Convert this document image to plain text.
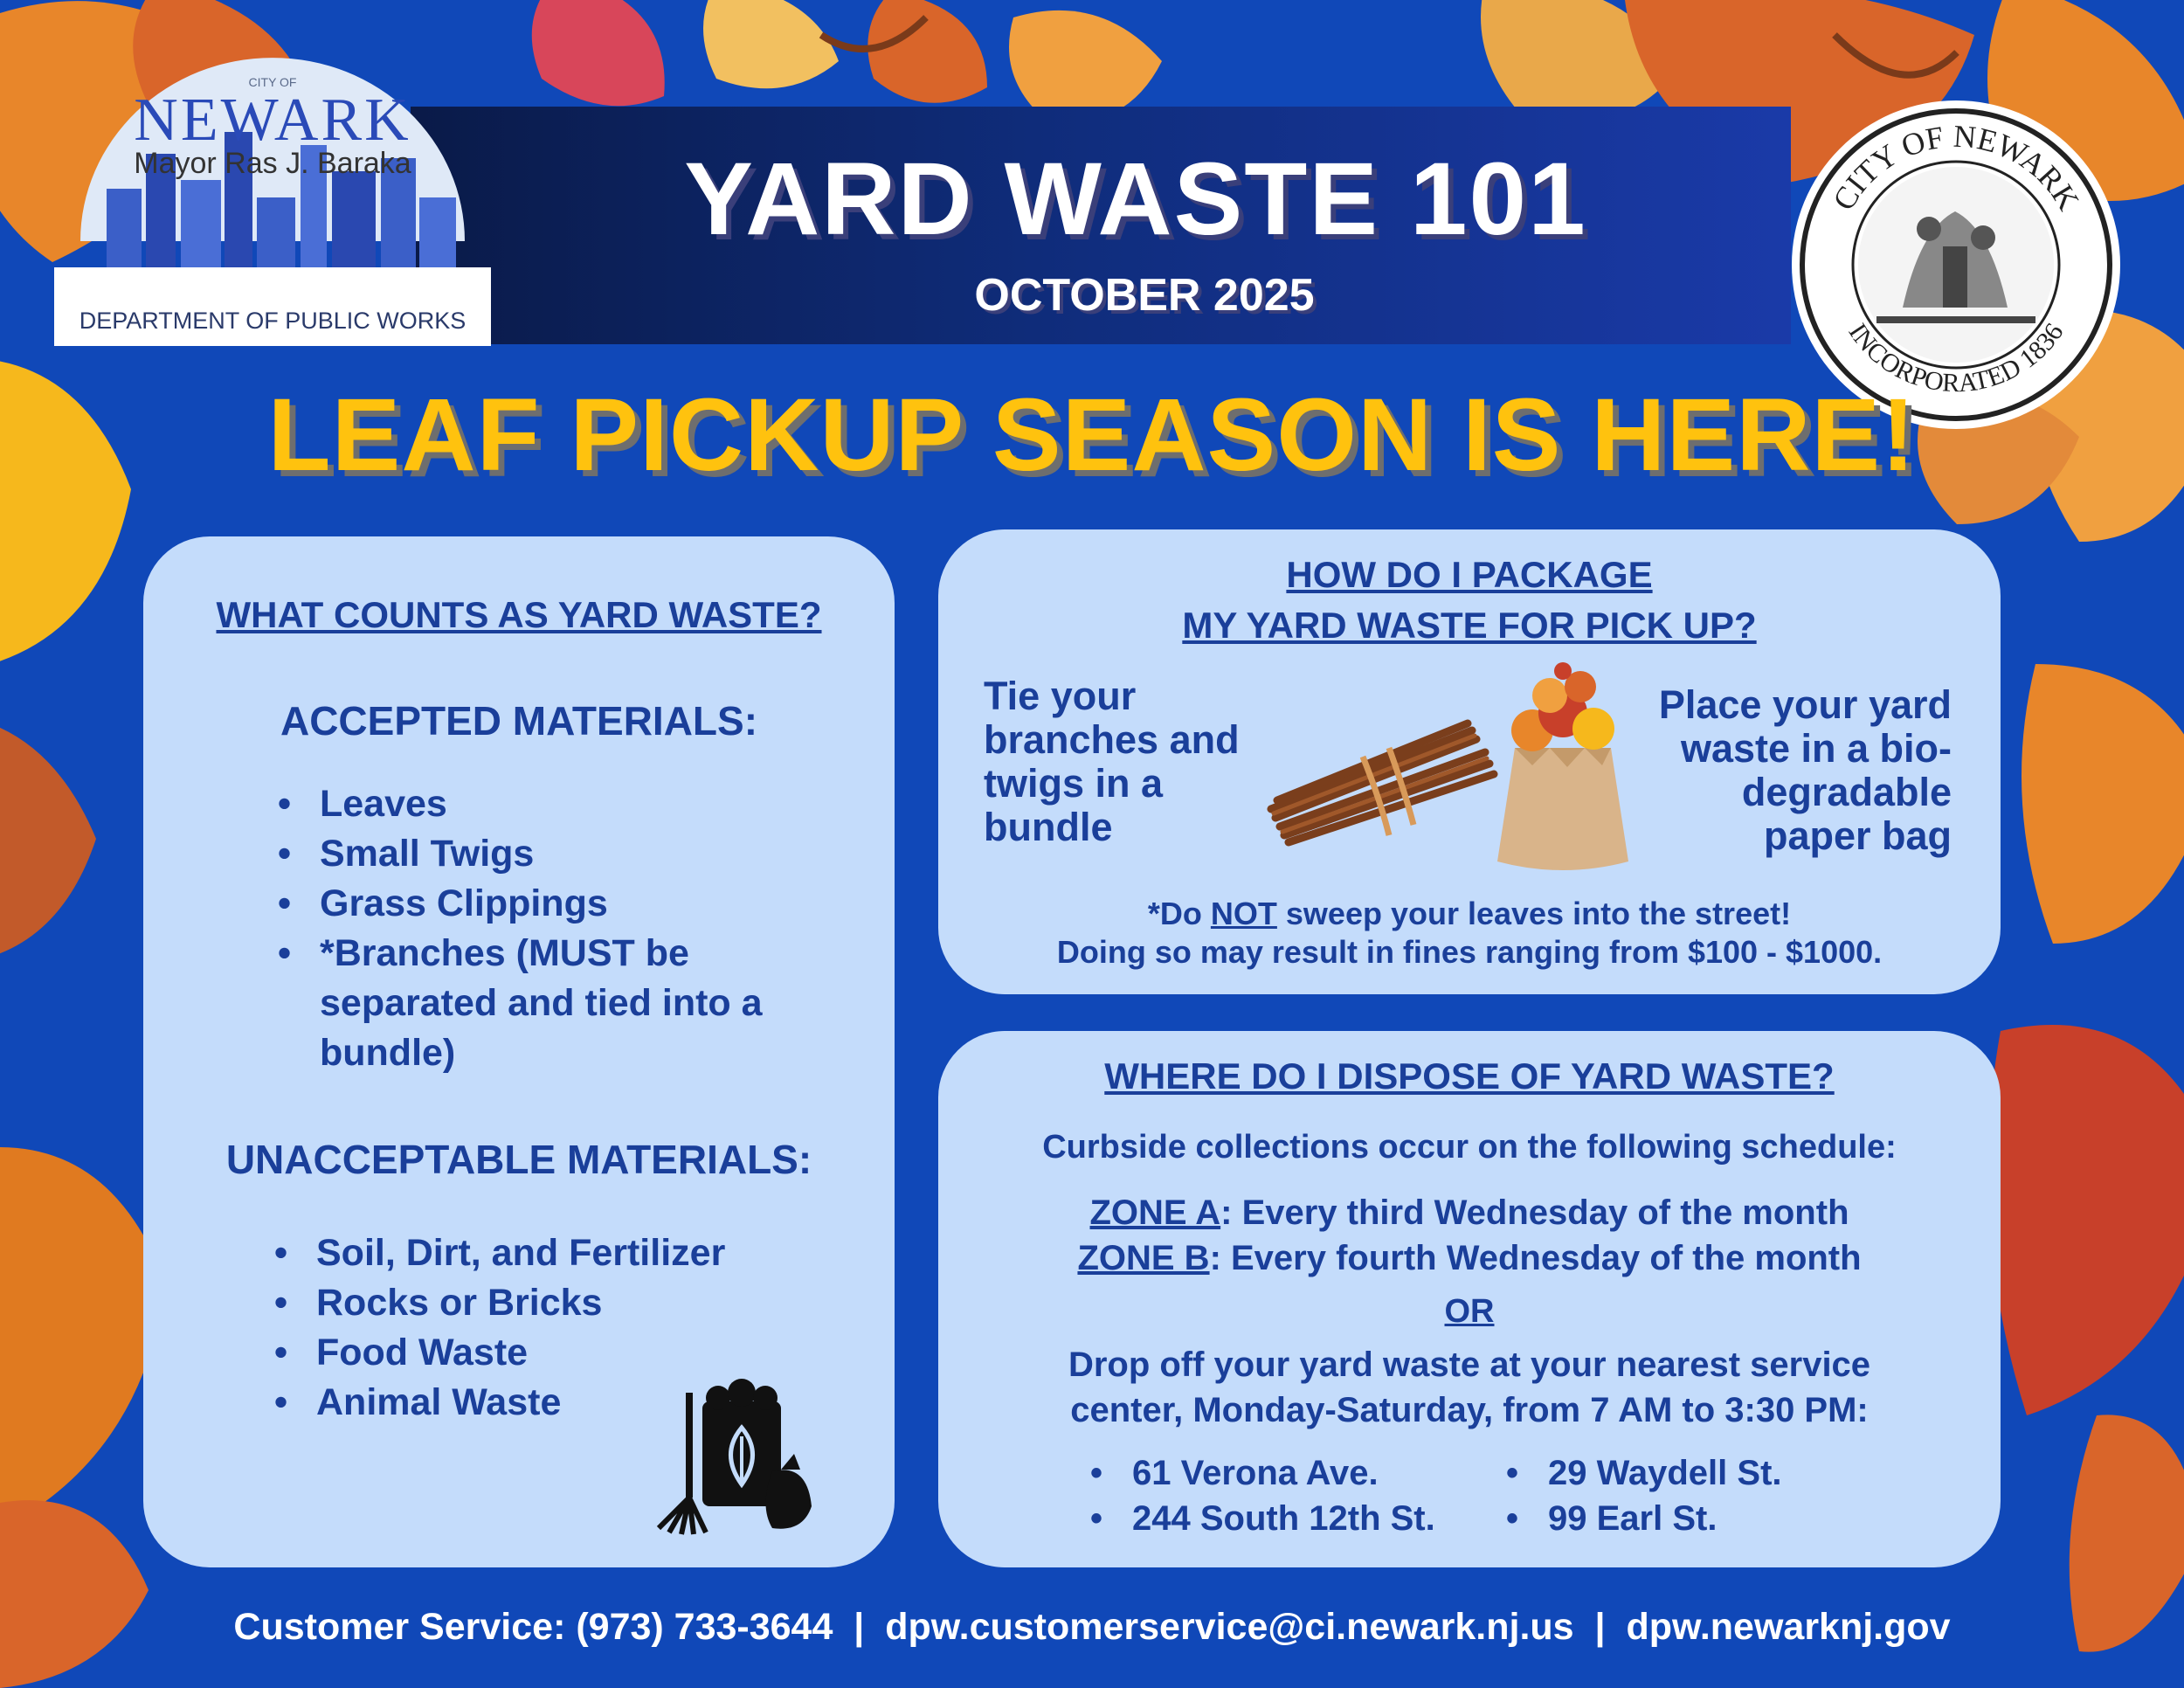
CITY OF
NEWARK
Mayor Ras J. Baraka
DEPARTMENT OF PUBLIC WORKS
CITY OF NEWARK
INCORPORATED 1836
YARD WASTE 101
OCTOBER 2025
LEAF PICKUP SEASON IS HERE!
WHAT COUNTS AS YARD WASTE?
ACCEPTED MATERIALS:
• Leaves
• Small Twigs
• Grass Clippings
• *Branches (MUST be separated and tied into a bundle)
UNACCEPTABLE MATERIALS:
• Soil, Dirt, and Fertilizer
• Rocks or Bricks
• Food Waste
• Animal Waste
HOW DO I PACKAGE
MY YARD WASTE FOR PICK UP?
Tie your branches and twigs in a bundle
Place your yard waste in a bio-degradable paper bag
*Do NOT sweep your leaves into the street!
Doing so may result in fines ranging from $100 - $1000.
WHERE DO I DISPOSE OF YARD WASTE?
Curbside collections occur on the following schedule:
ZONE A: Every third Wednesday of the month
ZONE B: Every fourth Wednesday of the month
OR
Drop off your yard waste at your nearest service center, Monday-Saturday, from 7 AM to 3:30 PM:
• 61 Verona Ave.
• 244 South 12th St.
• 29 Waydell St.
• 99 Earl St.
Customer Service: (973) 733-3644 | dpw.customerservice@ci.newark.nj.us | dpw.newarknj.gov
